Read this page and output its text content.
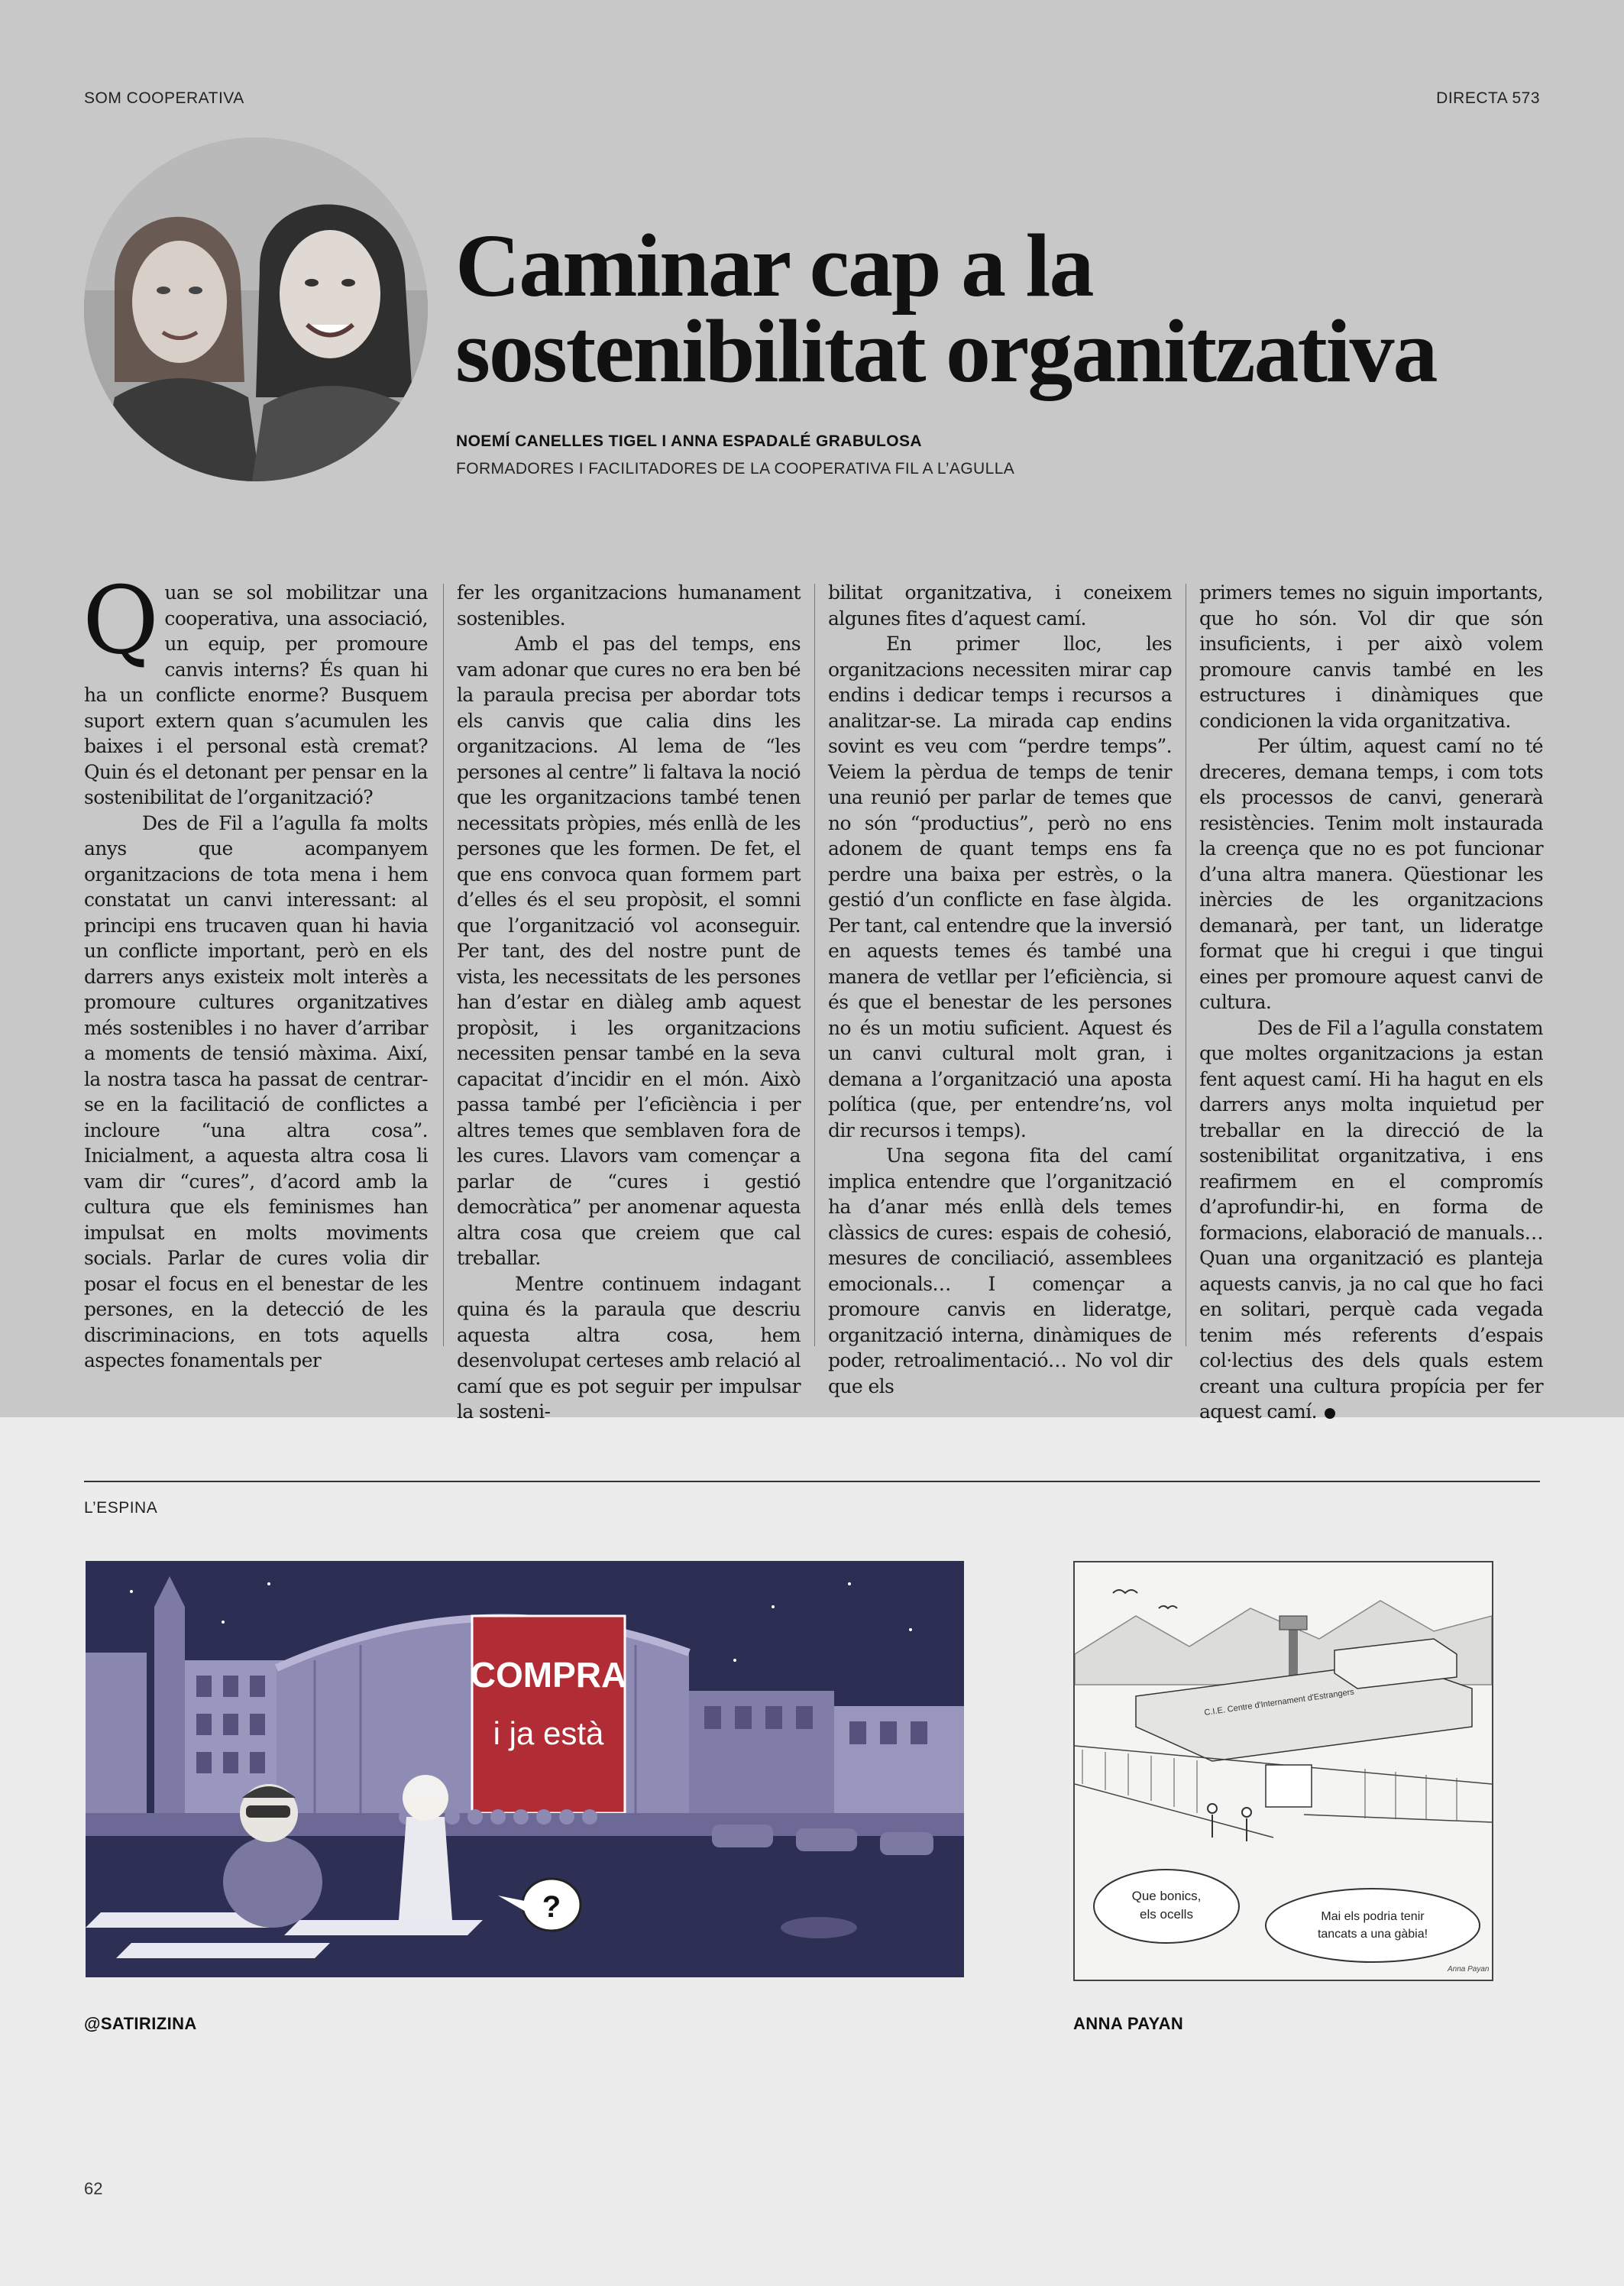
SOM COOPERATIVA	DIRECTA 573
Caminar cap a la
sostenibilitat organitzativa
NOEMÍ CANELLES TIGEL I ANNA ESPADALÉ GRABULOSA
FORMADORES I FACILITADORES DE LA COOPERATIVA FIL A L’AGULLA

Quan se sol mobilitzar una cooperativa, una associació, un equip, per promoure canvis interns? És quan hi ha un conflicte enorme? Busquem suport extern quan s’acumulen les baixes i el personal està cremat? Quin és el detonant per pensar en la sostenibilitat de l’organització?

Des de Fil a l’agulla fa molts anys que acompanyem organitzacions de tota mena i hem constatat un canvi interessant: al principi ens trucaven quan hi havia un conflicte important, però en els darrers anys existeix molt interès a promoure cultures organitzatives més sostenibles i no haver d’arribar a moments de tensió màxima. Així, la nostra tasca ha passat de centrar-se en la facilitació de conflictes a incloure “una altra cosa”. Inicialment, a aquesta altra cosa li vam dir “cures”, d’acord amb la cultura que els feminismes han impulsat en molts moviments socials. Parlar de cures volia dir posar el focus en el benestar de les persones, en la detecció de les discriminacions, en tots aquells aspectes fonamentals per

fer les organitzacions humanament sostenibles.

Amb el pas del temps, ens vam adonar que cures no era ben bé la paraula precisa per abordar tots els canvis que calia dins les organitzacions. Al lema de “les persones al centre” li faltava la noció que les organitzacions també tenen necessitats pròpies, més enllà de les persones que les formen. De fet, el que ens convoca quan formem part d’elles és el seu propòsit, el somni que l’organització vol aconseguir. Per tant, des del nostre punt de vista, les necessitats de les persones han d’estar en diàleg amb aquest propòsit, i les organitzacions necessiten pensar també en la seva capacitat d’incidir en el món. Això passa també per l’eficiència i per altres temes que semblaven fora de les cures. Llavors vam començar a parlar de “cures i gestió democràtica” per anomenar aquesta altra cosa que creiem que cal treballar.

Mentre continuem indagant quina és la paraula que descriu aquesta altra cosa, hem desenvolupat certeses amb relació al camí que es pot seguir per impulsar la sosteni-

bilitat organitzativa, i coneixem algunes fites d’aquest camí.

En primer lloc, les organitzacions necessiten mirar cap endins i dedicar temps i recursos a analitzar-se. La mirada cap endins sovint es veu com “perdre temps”. Veiem la pèrdua de temps de tenir una reunió per parlar de temes que no són “productius”, però no ens adonem de quant temps ens fa perdre una baixa per estrès, o la gestió d’un conflicte en fase àlgida. Per tant, cal entendre que la inversió en aquests temes és també una manera de vetllar per l’eficiència, si és que el benestar de les persones no és un motiu suficient. Aquest és un canvi cultural molt gran, i demana a l’organització una aposta política (que, per entendre’ns, vol dir recursos i temps).

Una segona fita del camí implica entendre que l’organització ha d’anar més enllà dels temes clàssics de cures: espais de cohesió, mesures de conciliació, assemblees emocionals… I començar a promoure canvis en lideratge, organització interna, dinàmiques de poder, retroalimentació… No vol dir que els

primers temes no siguin importants, que ho són. Vol dir que són insuficients, i per això volem promoure canvis també en les estructures i dinàmiques que condicionen la vida organitzativa.

Per últim, aquest camí no té dreceres, demana temps, i com tots els processos de canvi, generarà resistències. Tenim molt instaurada la creença que no es pot funcionar d’una altra manera. Qüestionar les inèrcies de les organitzacions demanarà, per tant, un lideratge format que hi cregui i que tingui eines per promoure aquest canvi de cultura.

Des de Fil a l’agulla constatem que moltes organitzacions ja estan fent aquest camí. Hi ha hagut en els darrers anys molta inquietud per treballar en la direcció de la sostenibilitat organitzativa, i ens reafirmem en el compromís d’aprofundir-hi, en forma de formacions, elaboració de manuals… Quan una organització es planteja aquests canvis, ja no cal que ho faci en solitari, perquè cada vegada tenim més referents d’espais col·lectius des dels quals estem creant una cultura propícia per fer aquest camí.

L’ESPINA
COMPRA
i ja està
?
C.I.E. Centre d'Internament d'Estrangers
Que bonics,
els ocells	Mai els podria tenir
tancats a una gàbia!
Anna Payan
@SATIRIZINA	ANNA PAYAN
62
